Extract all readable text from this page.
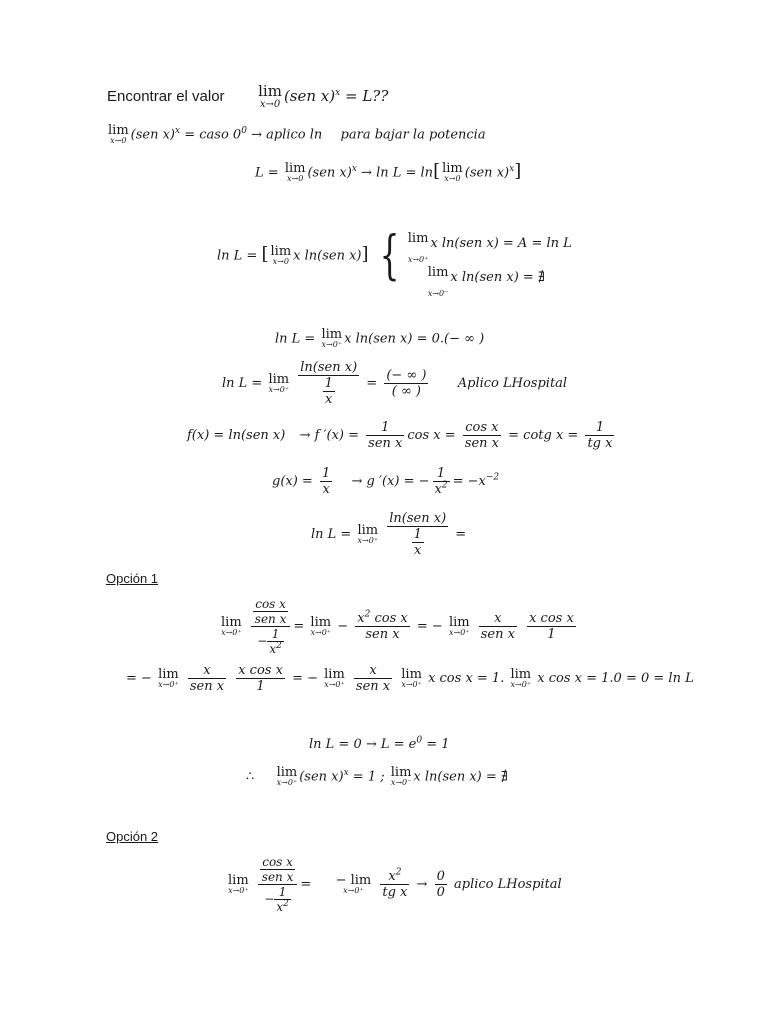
Encontrar el valor lim
x→0 (sen x)$^x$ = L??
lim
x→0 (sen x)$^x$ = caso $0^0$ → aplico ln para bajar la potencia
L = lim
x→0 (sen x)$^x$ → ln L = ln[ lim
x→0 (sen x)$^x$]
ln L = [ lim
x→0 x ln(sen x)] { lim
x→0⁺
x ln(sen x) = A = ln L
lim
x→0⁻
x ln(sen x) = ∄
ln L = lim
x→0⁺ x ln(sen x) = 0.(− ∞ )
ln L = lim
x→0⁺
$\frac{\text{ln(sen x)}}{\frac{1}{x}} = \frac{(- \infty )}{( \infty )}$ Aplico LHospital
f(x) = ln(sen x) → f $'(x) = \frac{1}{\text{sen x}}$ $\cos x = \frac{\text{cos x}}{\text{sen x}} = \cot g$ $x = \frac{1}{\text{tg x}}$
$g(x) = \frac{1}{x} \to g$ ′(x) = − $\frac{1}{x^2} = -x^{-2}$
ln L = lim
x→0⁺
$\frac{\text{ln(sen x)}}{\frac{1}{x}}$ =
Opción 1
lim
x→0⁺
$\frac{\frac{\text{cos x}}{\text{sen x}}}{- \frac{1}{x^2}} = \lim$
$x\to 0^+ - \frac{x^2 \cos x}{\text{sen x}}$ = − lim
x→0⁺
$\frac{x}{\text{sen x}}$
$\frac{\text{x cos x}}{1}$
= − lim
x→0⁺
$\frac{x}{\text{sen x}}$
$\frac{\text{x cos x}}{1}$ = − lim
x→0⁺
$\frac{x}{\text{sen x}}$
lim
x→0⁺ x cos x = 1. lim
x→0⁺ x cos x = 1.0 = 0 = ln L
$\ln L = 0 \to L = e^0 = 1$
∴ lim
x→0⁺ (sen x)$^x$ = 1 ; lim
x→0⁻ x ln(sen x) = ∄
Opción 2
lim
x→0⁺
$\frac{\frac{\text{cos x}}{\text{sen x}}}{- \frac{1}{x^2}}$ = − lim
x→0⁺
	$\frac{x^2}{\text{tg x}} \to \frac{0}{0}$ aplico LHospital
